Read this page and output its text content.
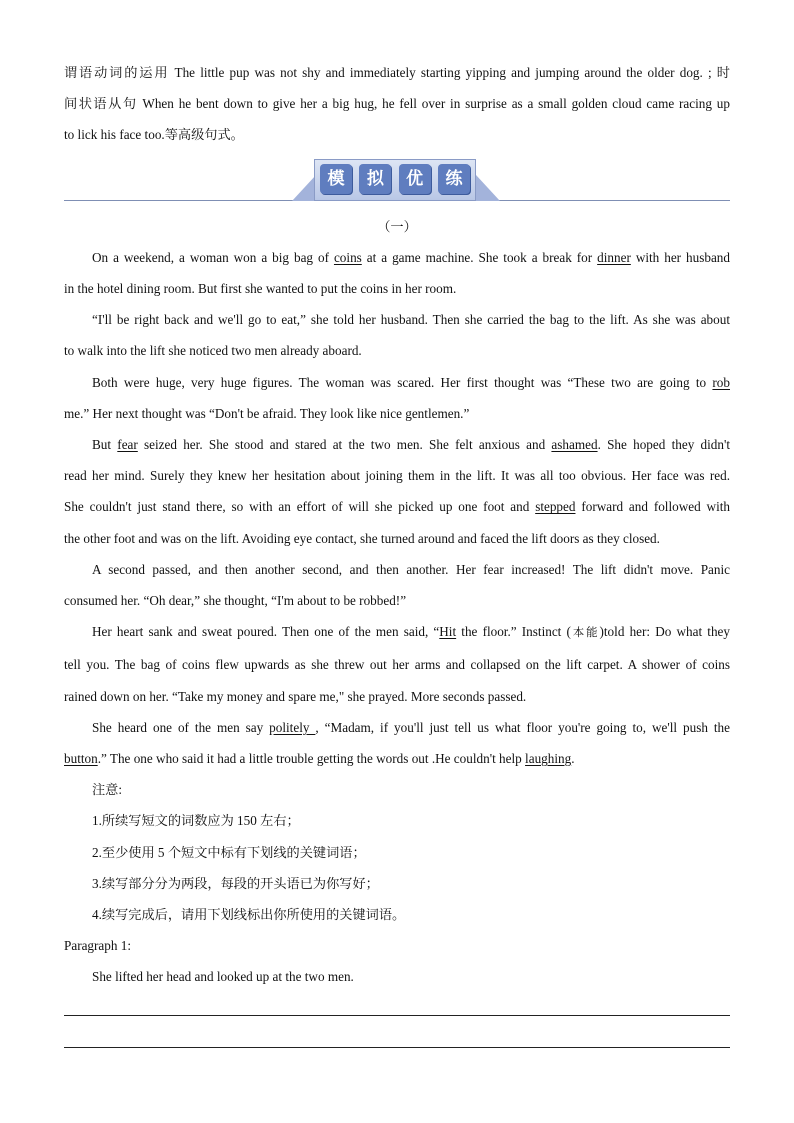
谓语动词的运用 The little pup was not shy and immediately starting yipping and jumping around the older dog. ; 时
间状语从句 When he bent down to give her a big hug, he fell over in surprise as a small golden cloud came racing up
to lick his face too.等高级句式。
模	拟	优	练
（一）
On a weekend, a woman won a big bag of coins at a game machine. She took a break for dinner with her husband
in the hotel dining room. But first she wanted to put the coins in her room.
“I'll be right back and we'll go to eat,” she told her husband. Then she carried the bag to the lift. As she was about
to walk into the lift she noticed two men already aboard.
Both were huge, very huge figures. The woman was scared. Her first thought was “These two are going to rob
me.” Her next thought was “Don't be afraid. They look like nice gentlemen.”
But fear seized her. She stood and stared at the two men. She felt anxious and ashamed. She hoped they didn't
read her mind. Surely they knew her hesitation about joining them in the lift. It was all too obvious. Her face was red.
She couldn't just stand there, so with an effort of will she picked up one foot and stepped forward and followed with
the other foot and was on the lift. Avoiding eye contact, she turned around and faced the lift doors as they closed.
A second passed, and then another second, and then another. Her fear increased! The lift didn't move. Panic
consumed her. “Oh dear,” she thought, “I'm about to be robbed!”
Her heart sank and sweat poured. Then one of the men said, “Hit the floor.” Instinct (本能)told her: Do what they
tell you. The bag of coins flew upwards as she threw out her arms and collapsed on the lift carpet. A shower of coins
rained down on her. “Take my money and spare me," she prayed. More seconds passed.
She heard one of the men say politely , “Madam, if you'll just tell us what floor you're going to, we'll push the
button.” The one who said it had a little trouble getting the words out .He couldn't help laughing.
注意:
1.所续写短文的词数应为 150 左右；
2.至少使用 5 个短文中标有下划线的关键词语；
3.续写部分分为两段，每段的开头语已为你写好；
4.续写完成后，请用下划线标出你所使用的关键词语。
Paragraph 1:
She lifted her head and looked up at the two men.
